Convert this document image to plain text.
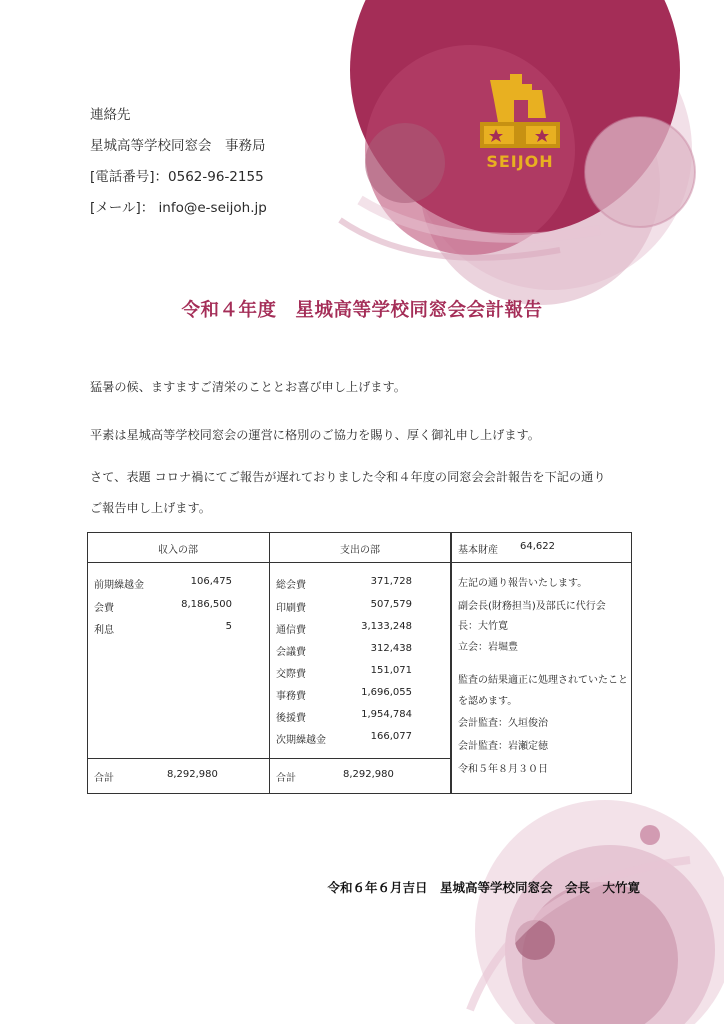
SEIJOH
連絡先
星城高等学校同窓会　事務局
[電話番号]：0562-96-2155
[メール]： info@e-seijoh.jp
令和４年度　星城高等学校同窓会会計報告

猛暑の候、ますますご清栄のこととお喜び申し上げます。

平素は星城高等学校同窓会の運営に格別のご協力を賜り、厚く御礼申し上げます。

さて、表題 コロナ禍にてご報告が遅れておりました令和４年度の同窓会会計報告を下記の通り

ご報告申し上げます。

収入の部	支出の部
前期繰越金	106,475
会費	8,186,500
利息	5
総会費	371,728
印刷費	507,579
通信費	3,133,248
会議費	312,438
交際費	151,071
事務費	1,696,055
後援費	1,954,784
次期繰越金	166,077
合計	8,292,980	合計	8,292,980
基本財産 64,622
左記の通り報告いたします。
副会長(財務担当)及部氏に代行会
長：大竹寛
立会：岩堀豊
監査の結果適正に処理されていたこと
を認めます。
会計監査：久垣俊治
会計監査：岩瀬定徳
令和５年８月３０日
令和６年６月吉日　星城高等学校同窓会　会長　大竹寛
